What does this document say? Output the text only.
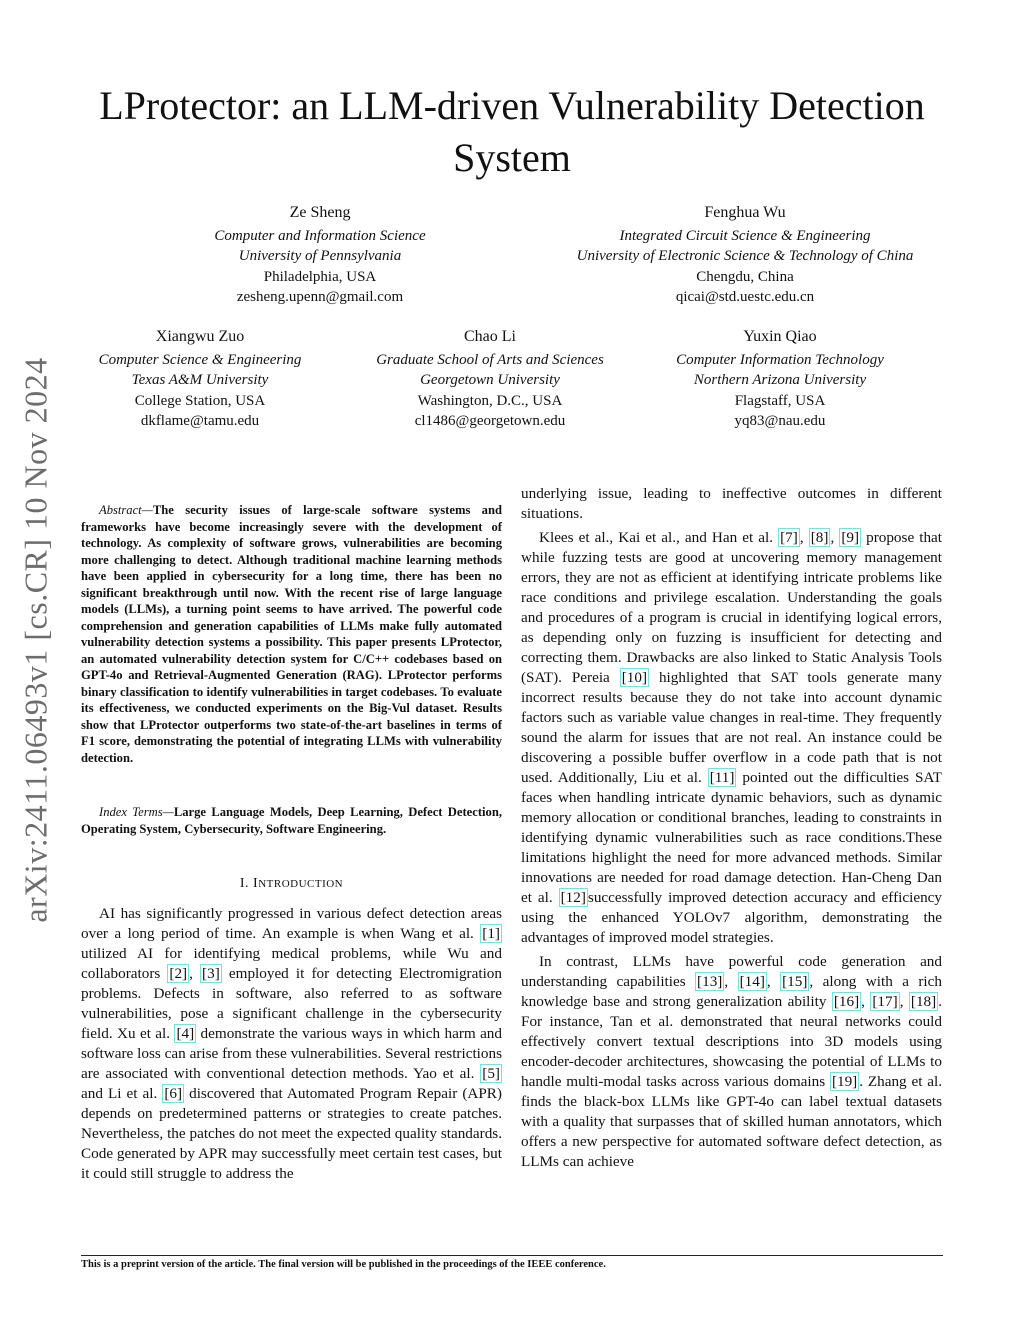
arXiv:2411.06493v1 [cs.CR] 10 Nov 2024
LProtector: an LLM-driven Vulnerability Detection System
Ze Sheng
Computer and Information Science
University of Pennsylvania
Philadelphia, USA
zesheng.upenn@gmail.com
Fenghua Wu
Integrated Circuit Science & Engineering
University of Electronic Science & Technology of China
Chengdu, China
qicai@std.uestc.edu.cn
Xiangwu Zuo
Computer Science & Engineering
Texas A&M University
College Station, USA
dkflame@tamu.edu
Chao Li
Graduate School of Arts and Sciences
Georgetown University
Washington, D.C., USA
cl1486@georgetown.edu
Yuxin Qiao
Computer Information Technology
Northern Arizona University
Flagstaff, USA
yq83@nau.edu

Abstract—The security issues of large-scale software systems and frameworks have become increasingly severe with the development of technology. As complexity of software grows, vulnerabilities are becoming more challenging to detect. Although traditional machine learning methods have been applied in cybersecurity for a long time, there has been no significant breakthrough until now. With the recent rise of large language models (LLMs), a turning point seems to have arrived. The powerful code comprehension and generation capabilities of LLMs make fully automated vulnerability detection systems a possibility. This paper presents LProtector, an automated vulnerability detection system for C/C++ codebases based on GPT-4o and Retrieval-Augmented Generation (RAG). LProtector performs binary classification to identify vulnerabilities in target codebases. To evaluate its effectiveness, we conducted experiments on the Big-Vul dataset. Results show that LProtector outperforms two state-of-the-art baselines in terms of F1 score, demonstrating the potential of integrating LLMs with vulnerability detection.

Index Terms—Large Language Models, Deep Learning, Defect Detection, Operating System, Cybersecurity, Software Engineering.

I. INTRODUCTION

AI has significantly progressed in various defect detection areas over a long period of time. An example is when Wang et al. [1] utilized AI for identifying medical problems, while Wu and collaborators [2] , [3] employed it for detecting Electromigration problems. Defects in software, also referred to as software vulnerabilities, pose a significant challenge in the cybersecurity field. Xu et al. [4] demonstrate the various ways in which harm and software loss can arise from these vulnerabilities. Several restrictions are associated with conventional detection methods. Yao et al. [5] and Li et al. [6] discovered that Automated Program Repair (APR) depends on predetermined patterns or strategies to create patches. Nevertheless, the patches do not meet the expected quality standards. Code generated by APR may successfully meet certain test cases, but it could still struggle to address the

underlying issue, leading to ineffective outcomes in different situations.

Klees et al., Kai et al., and Han et al. [7] , [8] , [9] propose that while fuzzing tests are good at uncovering memory management errors, they are not as efficient at identifying intricate problems like race conditions and privilege escalation. Understanding the goals and procedures of a program is crucial in identifying logical errors, as depending only on fuzzing is insufficient for detecting and correcting them. Drawbacks are also linked to Static Analysis Tools (SAT). Pereia [10] highlighted that SAT tools generate many incorrect results because they do not take into account dynamic factors such as variable value changes in real-time. They frequently sound the alarm for issues that are not real. An instance could be discovering a possible buffer overflow in a code path that is not used. Additionally, Liu et al. [11] pointed out the difficulties SAT faces when handling intricate dynamic behaviors, such as dynamic memory allocation or conditional branches, leading to constraints in identifying dynamic vulnerabilities such as race conditions.These limitations highlight the need for more advanced methods. Similar innovations are needed for road damage detection. Han-Cheng Dan et al. [12] successfully improved detection accuracy and efficiency using the enhanced YOLOv7 algorithm, demonstrating the advantages of improved model strategies.

In contrast, LLMs have powerful code generation and understanding capabilities [13] , [14] , [15] , along with a rich knowledge base and strong generalization ability [16] , [17] , [18] . For instance, Tan et al. demonstrated that neural networks could effectively convert textual descriptions into 3D models using encoder-decoder architectures, showcasing the potential of LLMs to handle multi-modal tasks across various domains [19] . Zhang et al. finds the black-box LLMs like GPT-4o can label textual datasets with a quality that surpasses that of skilled human annotators, which offers a new perspective for automated software defect detection, as LLMs can achieve

This is a preprint version of the article. The final version will be published in the proceedings of the IEEE conference.
